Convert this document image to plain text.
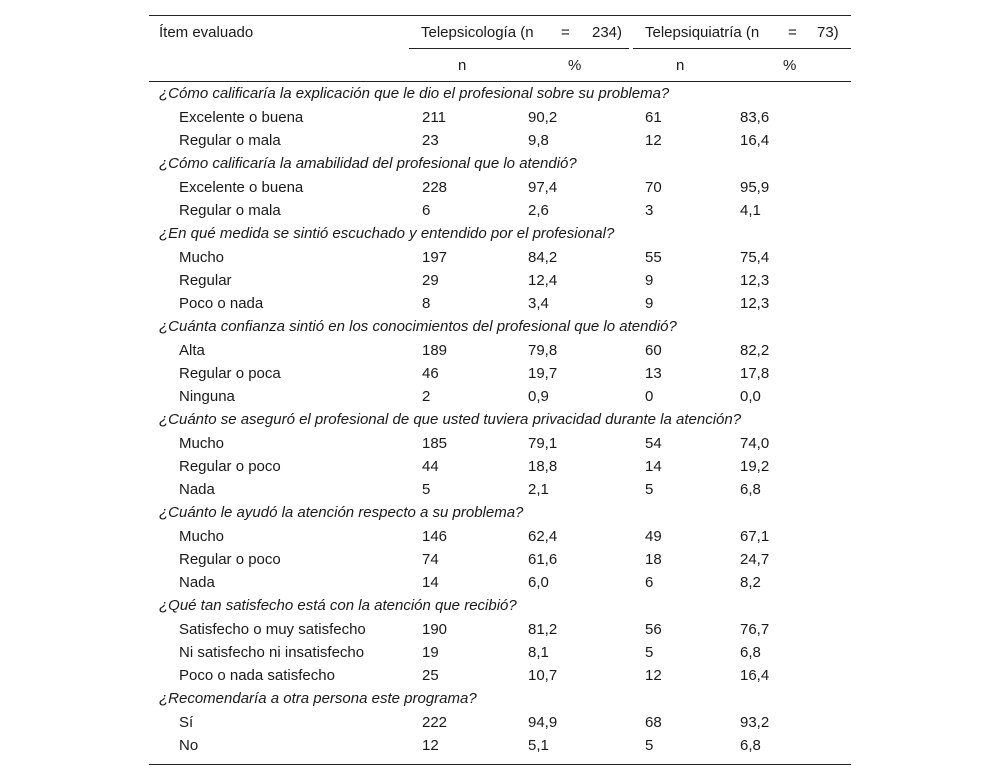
Ítem evaluado	Telepsicología (n = 234) Telepsiquiatría (n = 73)
n	%	n	%
¿Cómo calificaría la explicación que le dio el profesional sobre su problema?
Excelente o buena	211	90,2	61	83,6
Regular o mala	23	9,8	12	16,4
¿Cómo calificaría la amabilidad del profesional que lo atendió?
Excelente o buena	228	97,4	70	95,9
Regular o mala	6	2,6	3	4,1
¿En qué medida se sintió escuchado y entendido por el profesional?
Mucho	197	84,2	55	75,4
Regular	29	12,4	9	12,3
Poco o nada	8	3,4	9	12,3
¿Cuánta confianza sintió en los conocimientos del profesional que lo atendió?
Alta	189	79,8	60	82,2
Regular o poca	46	19,7	13	17,8
Ninguna	2	0,9	0	0,0
¿Cuánto se aseguró el profesional de que usted tuviera privacidad durante la atención?
Mucho	185	79,1	54	74,0
Regular o poco	44	18,8	14	19,2
Nada	5	2,1	5	6,8
¿Cuánto le ayudó la atención respecto a su problema?
Mucho	146	62,4	49	67,1
Regular o poco	74	61,6	18	24,7
Nada	14	6,0	6	8,2
¿Qué tan satisfecho está con la atención que recibió?
Satisfecho o muy satisfecho	190	81,2	56	76,7
Ni satisfecho ni insatisfecho	19	8,1	5	6,8
Poco o nada satisfecho	25	10,7	12	16,4
¿Recomendaría a otra persona este programa?
Sí	222	94,9	68	93,2
No	12	5,1	5	6,8
